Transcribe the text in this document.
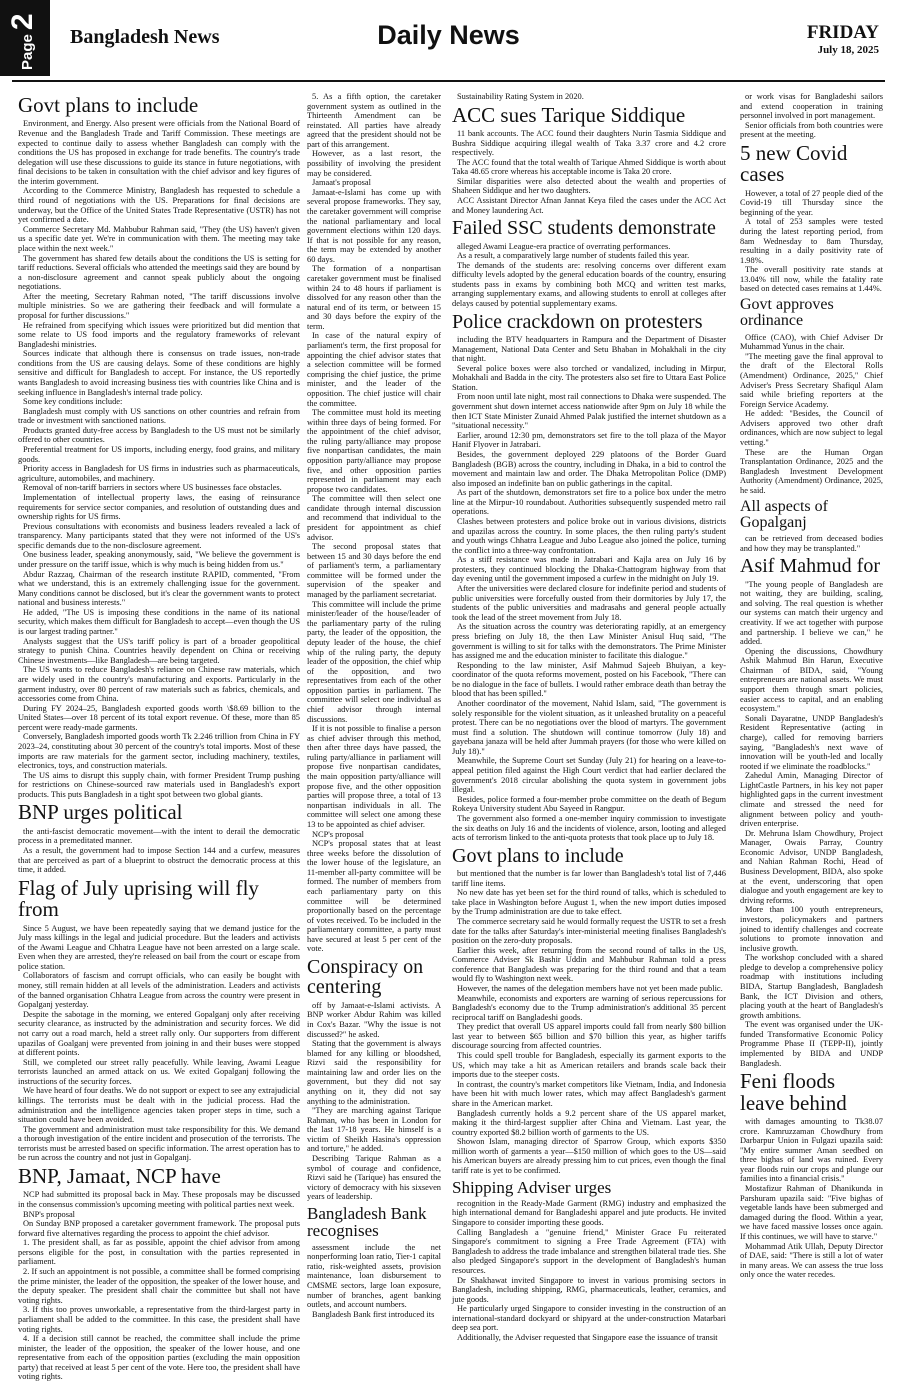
Page2
Bangladesh News	Daily News	FRIDAY
July 18, 2025
Govt plans to include

Environment, and Energy. Also present were officials from the National Board of Revenue and the Bangladesh Trade and Tariff Commission. These meetings are expected to continue daily to assess whether Bangladesh can comply with the conditions the US has proposed in exchange for trade benefits. The country's trade delegation will use these discussions to guide its stance in future negotiations, with final decisions to be taken in consultation with the chief advisor and key figures of the interim government.

According to the Commerce Ministry, Bangladesh has requested to schedule a third round of negotiations with the US. Preparations for final decisions are underway, but the Office of the United States Trade Representative (USTR) has not yet confirmed a date.

Commerce Secretary Md. Mahbubur Rahman said, "They (the US) haven't given us a specific date yet. We're in communication with them. The meeting may take place within the next week."

The government has shared few details about the conditions the US is setting for tariff reductions. Several officials who attended the meetings said they are bound by a non-disclosure agreement and cannot speak publicly about the ongoing negotiations.

After the meeting, Secretary Rahman noted, "The tariff discussions involve multiple ministries. So we are gathering their feedback and will formulate a proposal for further discussions."

He refrained from specifying which issues were prioritized but did mention that some relate to US food imports and the regulatory frameworks of relevant Bangladeshi ministries.

Sources indicate that although there is consensus on trade issues, non-trade conditions from the US are causing delays. Some of these conditions are highly sensitive and difficult for Bangladesh to accept. For instance, the US reportedly wants Bangladesh to avoid increasing business ties with countries like China and is seeking influence in Bangladesh's internal trade policy.

Some key conditions include:

Bangladesh must comply with US sanctions on other countries and refrain from trade or investment with sanctioned nations.

Products granted duty-free access by Bangladesh to the US must not be similarly offered to other countries.

Preferential treatment for US imports, including energy, food grains, and military goods.

Priority access in Bangladesh for US firms in industries such as pharmaceuticals, agriculture, automobiles, and machinery.

Removal of non-tariff barriers in sectors where US businesses face obstacles.

Implementation of intellectual property laws, the easing of reinsurance requirements for service sector companies, and resolution of outstanding dues and ownership rights for US firms.

Previous consultations with economists and business leaders revealed a lack of transparency. Many participants stated that they were not informed of the US's specific demands due to the non-disclosure agreement.

One business leader, speaking anonymously, said, "We believe the government is under pressure on the tariff issue, which is why much is being hidden from us."

Abdur Razzaq, Chairman of the research institute RAPID, commented, "From what we understand, this is an extremely challenging issue for the government. Many conditions cannot be disclosed, but it's clear the government wants to protect national and business interests."

He added, "The US is imposing these conditions in the name of its national security, which makes them difficult for Bangladesh to accept—even though the US is our largest trading partner."

Analysts suggest that the US's tariff policy is part of a broader geopolitical strategy to punish China. Countries heavily dependent on China or receiving Chinese investments—like Bangladesh—are being targeted.

The US wants to reduce Bangladesh's reliance on Chinese raw materials, which are widely used in the country's manufacturing and exports. Particularly in the garment industry, over 80 percent of raw materials such as fabrics, chemicals, and accessories come from China.

During FY 2024–25, Bangladesh exported goods worth \$8.69 billion to the United States—over 18 percent of its total export revenue. Of these, more than 85 percent were ready-made garments.

Conversely, Bangladesh imported goods worth Tk 2.246 trillion from China in FY 2023–24, constituting about 30 percent of the country's total imports. Most of these imports are raw materials for the garment sector, including machinery, textiles, electronics, toys, and construction materials.

The US aims to disrupt this supply chain, with former President Trump pushing for restrictions on Chinese-sourced raw materials used in Bangladesh's export products. This puts Bangladesh in a tight spot between two global giants.

BNP urges political

the anti-fascist democratic movement—with the intent to derail the democratic process in a premeditated manner.

As a result, the government had to impose Section 144 and a curfew, measures that are perceived as part of a blueprint to obstruct the democratic process at this time, it added.

Flag of July uprising will fly from

Since 5 August, we have been repeatedly saying that we demand justice for the July mass killings in the legal and judicial procedure. But the leaders and activists of the Awami League and Chhatra League have not been arrested on a large scale. Even when they are arrested, they're released on bail from the court or escape from police station.

Collaborators of fascism and corrupt officials, who can easily be bought with money, still remain hidden at all levels of the administration. Leaders and activists of the banned organisation Chhatra League from across the country were present in Gopalganj yesterday.

Despite the sabotage in the morning, we entered Gopalganj only after receiving security clearance, as instructed by the administration and security forces. We did not carry out a road march, held a street rally only. Our supporters from different upazilas of Goalganj were prevented from joining in and their buses were stopped at different points.

Still, we completed our street rally peacefully. While leaving, Awami League terrorists launched an armed attack on us. We exited Gopalganj following the instructions of the security forces.

We have heard of four deaths. We do not support or expect to see any extrajudicial killings. The terrorists must be dealt with in the judicial process. Had the administration and the intelligence agencies taken proper steps in time, such a situation could have been avoided.

The government and administration must take responsibility for this. We demand a thorough investigation of the entire incident and prosecution of the terrorists. The terrorists must be arrested based on specific information. The arrest operation has to be run across the country and not just in Gopalganj.

BNP, Jamaat, NCP have

NCP had submitted its proposal back in May. These proposals may be discussed in the consensus commission's upcoming meeting with political parties next week.

BNP's proposal

On Sunday BNP proposed a caretaker government framework. The proposal puts forward five alternatives regarding the process to appoint the chief advisor.

1. The president shall, as far as possible, appoint the chief advisor from among persons eligible for the post, in consultation with the parties represented in parliament.

2. If such an appointment is not possible, a committee shall be formed comprising the prime minister, the leader of the opposition, the speaker of the lower house, and the deputy speaker. The president shall chair the committee but shall not have voting rights.

3. If this too proves unworkable, a representative from the third-largest party in parliament shall be added to the committee. In this case, the president shall have voting rights.

4. If a decision still cannot be reached, the committee shall include the prime minister, the leader of the opposition, the speaker of the lower house, and one representative from each of the opposition parties (excluding the main opposition party) that received at least 5 per cent of the vote. Here too, the president shall have voting rights.

5. As a fifth option, the caretaker government system as outlined in the Thirteenth Amendment can be reinstated. All parties have already agreed that the president should not be part of this arrangement.

However, as a last resort, the possibility of involving the president may be considered.

Jamaat's proposal

Jamaat-e-Islami has come up with several propose frameworks. They say, the caretaker government will comprise the national parliamentary and local government elections within 120 days. If that is not possible for any reason, the term may be extended by another 60 days.

The formation of a nonpartisan caretaker government must be finalised within 24 to 48 hours if parliament is dissolved for any reason other than the natural end of its term, or between 15 and 30 days before the expiry of the term.

In case of the natural expiry of parliament's term, the first proposal for appointing the chief advisor states that a selection committee will be formed comprising the chief justice, the prime minister, and the leader of the opposition. The chief justice will chair the committee.

The committee must hold its meeting within three days of being formed. For the appointment of the chief advisor, the ruling party/alliance may propose five nonpartisan candidates, the main opposition party/alliance may propose five, and other opposition parties represented in parliament may each propose two candidates.

The committee will then select one candidate through internal discussion and recommend that individual to the president for appointment as chief advisor.

The second proposal states that between 15 and 30 days before the end of parliament's term, a parliamentary committee will be formed under the supervision of the speaker and managed by the parliament secretariat.

This committee will include the prime minister/leader of the house/leader of the parliamentary party of the ruling party, the leader of the opposition, the deputy leader of the house, the chief whip of the ruling party, the deputy leader of the opposition, the chief whip of the opposition, and two representatives from each of the other opposition parties in parliament. The committee will select one individual as chief advisor through internal discussions.

If it is not possible to finalise a person as chief adviser through this method, then after three days have passed, the ruling party/alliance in parliament will propose five nonpartisan candidates, the main opposition party/alliance will propose five, and the other opposition parties will propose three, a total of 13 nonpartisan individuals in all. The committee will select one among these 13 to be appointed as chief adviser.

NCP's proposal

NCP's proposal states that at least three weeks before the dissolution of the lower house of the legislature, an 11-member all-party committee will be formed. The number of members from each parliamentary party on this committee will be determined proportionally based on the percentage of votes received. To be included in the parliamentary committee, a party must have secured at least 5 per cent of the vote.

Conspiracy on centering

off by Jamaat-e-Islami activists. A BNP worker Abdur Rahim was killed in Cox's Bazar. "Why the issue is not discussed?" he asked.

Stating that the government is always blamed for any killing or bloodshed, Rizvi said the responsibility for maintaining law and order lies on the government, but they did not say anything on it, they did not say anything to the administration.

"They are marching against Tarique Rahman, who has been in London for the last 17-18 years. He himself is a victim of Sheikh Hasina's oppression and torture," he added.

Describing Tarique Rahman as a symbol of courage and confidence, Rizvi said he (Tarique) has ensured the victory of democracy with his sixseven years of leadership.

Bangladesh Bank recognises

assessment include the net nonperforming loan ratio, Tier-1 capital ratio, risk-weighted assets, provision maintenance, loan disbursement to CMSME sectors, large loan exposure, number of branches, agent banking outlets, and account numbers.

Bangladesh Bank first introduced its

Sustainability Rating System in 2020.

ACC sues Tarique Siddique

11 bank accounts. The ACC found their daughters Nurin Tasmia Siddique and Bushra Siddique acquiring illegal wealth of Taka 3.37 crore and 4.2 crore respectively.

The ACC found that the total wealth of Tarique Ahmed Siddique is worth about Taka 48.65 crore whereas his acceptable income is Taka 20 crore.

Similar disparities were also detected about the wealth and properties of Shaheen Siddique and her two daughters.

ACC Assistant Director Afnan Jannat Keya filed the cases under the ACC Act and Money laundering Act.

Failed SSC students demonstrate

alleged Awami League-era practice of overrating performances.

As a result, a comparatively large number of students failed this year.

The demands of the students are: resolving concerns over different exam difficulty levels adopted by the general education boards of the country, ensuring students pass in exams by combining both MCQ and written test marks, arranging supplementary exams, and allowing students to enroll at colleges after delays caused by potential supplementary exams.

Police crackdown on protesters

including the BTV headquarters in Rampura and the Department of Disaster Management, National Data Center and Setu Bhaban in Mohakhali in the city that night.

Several police boxes were also torched or vandalized, including in Mirpur, Mohakhali and Badda in the city. The protesters also set fire to Uttara East Police Station.

From noon until late night, most rail connections to Dhaka were suspended. The government shut down internet access nationwide after 9pm on July 18 while the then ICT State Minister Zunaid Ahmed Palak justified the internet shutdown as a "situational necessity."

Earlier, around 12:30 pm, demonstrators set fire to the toll plaza of the Mayor Hanif Flyover in Jatrabari.

Besides, the government deployed 229 platoons of the Border Guard Bangladesh (BGB) across the country, including in Dhaka, in a bid to control the movement and maintain law and order. The Dhaka Metropolitan Police (DMP) also imposed an indefinite ban on public gatherings in the capital.

As part of the shutdown, demonstrators set fire to a police box under the metro line at the Mirpur-10 roundabout. Authorities subsequently suspended metro rail operations.

Clashes between protesters and police broke out in various divisions, districts and upazilas across the country. In some places, the then ruling party's student and youth wings Chhatra League and Jubo League also joined the police, turning the conflict into a three-way confrontation.

As a stiff resistance was made in Jatrabari and Kajla area on July 16 by protesters, they continued blocking the Dhaka-Chattogram highway from that day evening until the government imposed a curfew in the midnight on July 19.

After the universities were declared closure for indefinite period and students of public universities were forcefully ousted from their dormitories by July 17, the students of the public universities and madrasahs and general people actually took the lead of the street movement from July 18.

As the situation across the country was deteriorating rapidly, at an emergency press briefing on July 18, the then Law Minister Anisul Huq said, "The government is willing to sit for talks with the demonstrators. The Prime Minister has assigned me and the education minister to facilitate this dialogue."

Responding to the law minister, Asif Mahmud Sajeeb Bhuiyan, a key-coordinator of the quota reforms movement, posted on his Facebook, "There can be no dialogue in the face of bullets. I would rather embrace death than betray the blood that has been spilled."

Another coordinator of the movement, Nahid Islam, said, "The government is solely responsible for the violent situation, as it unleashed brutality on a peaceful protest. There can be no negotiations over the blood of martyrs. The government must find a solution. The shutdown will continue tomorrow (July 18) and gayebana janaza will be held after Jummah prayers (for those who were killed on July 18)."

Meanwhile, the Supreme Court set Sunday (July 21) for hearing on a leave-to-appeal petition filed against the High Court verdict that had earlier declared the government's 2018 circular abolishing the quota system in government jobs illegal.

Besides, police formed a four-member probe committee on the death of Begum Rokeya University student Abu Sayeed in Rangpur.

The government also formed a one-member inquiry commission to investigate the six deaths on July 16 and the incidents of violence, arson, looting and alleged acts of terrorism linked to the anti-quota protests that took place up to July 18.

Govt plans to include

but mentioned that the number is far lower than Bangladesh's total list of 7,446 tariff line items.

No new date has yet been set for the third round of talks, which is scheduled to take place in Washington before August 1, when the new import duties imposed by the Trump administration are due to take effect.

The commerce secretary said he would formally request the USTR to set a fresh date for the talks after Saturday's inter-ministerial meeting finalises Bangladesh's position on the zero-duty proposals.

Earlier this week, after returning from the second round of talks in the US, Commerce Adviser Sk Bashir Uddin and Mahbubur Rahman told a press conference that Bangladesh was preparing for the third round and that a team would fly to Washington next week.

However, the names of the delegation members have not yet been made public.

Meanwhile, economists and exporters are warning of serious repercussions for Bangladesh's economy due to the Trump administration's additional 35 percent reciprocal tariff on Bangladeshi goods.

They predict that overall US apparel imports could fall from nearly $80 billion last year to between $65 billion and $70 billion this year, as higher tariffs discourage sourcing from affected countries.

This could spell trouble for Bangladesh, especially its garment exports to the US, which may take a hit as American retailers and brands scale back their imports due to the steeper costs.

In contrast, the country's market competitors like Vietnam, India, and Indonesia have been hit with much lower rates, which may affect Bangladesh's garment share in the American market.

Bangladesh currently holds a 9.2 percent share of the US apparel market, making it the third-largest supplier after China and Vietnam. Last year, the country exported $8.2 billion worth of garments to the US.

Showon Islam, managing director of Sparrow Group, which exports $350 million worth of garments a year—$150 million of which goes to the US—said his American buyers are already pressing him to cut prices, even though the final tariff rate is yet to be confirmed.

Shipping Adviser urges

recognition in the Ready-Made Garment (RMG) industry and emphasized the high international demand for Bangladeshi apparel and jute products. He invited Singapore to consider importing these goods.

Calling Bangladesh a "genuine friend," Minister Grace Fu reiterated Singapore's commitment to signing a Free Trade Agreement (FTA) with Bangladesh to address the trade imbalance and strengthen bilateral trade ties. She also pledged Singapore's support in the development of Bangladesh's human resources.

Dr Shakhawat invited Singapore to invest in various promising sectors in Bangladesh, including shipping, RMG, pharmaceuticals, leather, ceramics, and jute goods.

He particularly urged Singapore to consider investing in the construction of an international-standard dockyard or shipyard at the under-construction Matarbari deep sea port.

Additionally, the Adviser requested that Singapore ease the issuance of transit

or work visas for Bangladeshi sailors and extend cooperation in training personnel involved in port management.

Senior officials from both countries were present at the meeting.

5 new Covid cases

However, a total of 27 people died of the Covid-19 till Thursday since the beginning of the year.

A total of 253 samples were tested during the latest reporting period, from 8am Wednesday to 8am Thursday, resulting in a daily positivity rate of 1.98%.

The overall positivity rate stands at 13.04% till now, while the fatality rate based on detected cases remains at 1.44%.

Govt approves ordinance

Office (CAO), with Chief Adviser Dr Muhammad Yunus in the chair.

"The meeting gave the final approval to the draft of the Electoral Rolls (Amendment) Ordinance, 2025," Chief Adviser's Press Secretary Shafiqul Alam said while briefing reporters at the Foreign Service Academy.

He added: "Besides, the Council of Advisers approved two other draft ordinances, which are now subject to legal vetting."

These are the Human Organ Transplantation Ordinance, 2025 and the Bangladesh Investment Development Authority (Amendment) Ordinance, 2025, he said.

All aspects of Gopalganj

can be retrieved from deceased bodies and how they may be transplanted."

Asif Mahmud for

"The young people of Bangladesh are not waiting, they are building, scaling, and solving. The real question is whether our systems can match their urgency and creativity. If we act together with purpose and partnership. I believe we can," he added.

Opening the discussions, Chowdhury Ashik Mahmud Bin Harun, Executive Chairman of BIDA, said, "Young entrepreneurs are national assets. We must support them through smart policies, easier access to capital, and an enabling ecosystem."

Sonali Dayaratne, UNDP Bangladesh's Resident Representative (acting in charge), called for removing barriers saying, "Bangladesh's next wave of innovation will be youth-led and locally rooted if we eliminate the roadblocks."

Zahedul Amin, Managing Director of LightCastle Partners, in his key not paper highlighted gaps in the current investment climate and stressed the need for alignment between policy and youth-driven enterprise.

Dr. Mehruna Islam Chowdhury, Project Manager, Owais Parray, Country Economic Advisor, UNDP Bangladesh, and Nahian Rahman Rochi, Head of Business Development, BIDA, also spoke at the event, underscoring that open dialogue and youth engagement are key to driving reforms.

More than 100 youth entrepreneurs, investors, policymakers and partners joined to identify challenges and cocreate solutions to promote innovation and inclusive growth.

The workshop concluded with a shared pledge to develop a comprehensive policy roadmap with institutions including BIDA, Startup Bangladesh, Bangladesh Bank, the ICT Division and others, placing youth at the heart of Bangladesh's growth ambitions.

The event was organised under the UK-funded Transformative Economic Policy Programme Phase II (TEPP-II), jointly implemented by BIDA and UNDP Bangladesh.

Feni floods leave behind

with damages amounting to Tk38.07 crore. Kamruzzaman Chowdhury from Darbarpur Union in Fulgazi upazila said: "My entire summer Aman seedbed on three bighas of land was ruined. Every year floods ruin our crops and plunge our families into a financial crisis."

Mostafizur Rahman of Dhanikunda in Parshuram upazila said: "Five bighas of vegetable lands have been submerged and damaged during the flood. Within a year, we have faced massive losses once again. If this continues, we will have to starve."

Mohammad Atik Ullah, Deputy Director of DAE, said: "There is still a lot of water in many areas. We can assess the true loss only once the water recedes.
